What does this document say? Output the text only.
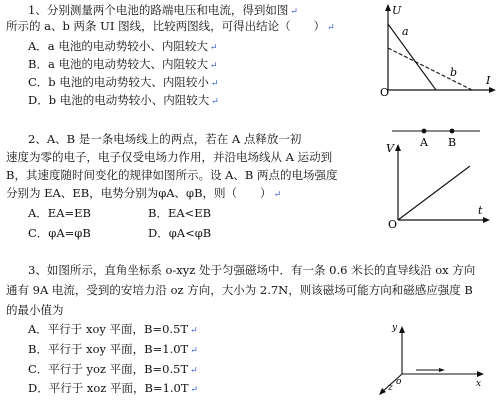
1、分别测量两个电池的路端电压和电流，得到如图 ↵
所示的 a、b 两条 UI 图线，比较两图线，可得出结论（　　） ↵
A．a 电池的电动势较小、内阻较大 ↵
B．a 电池的电动势较大、内阻较大 ↵
C．b 电池的电动势较大、内阻较小 ↵
D．b 电池的电动势较小、内阻较大 ↵
U
I
O
a
b
2、A、B 是一条电场线上的两点，若在 A 点释放一初
速度为零的电子，电子仅受电场力作用，并沿电场线从 A 运动到
B，其速度随时间变化的规律如图所示。设 A、B 两点的电场强度
分别为 EA、EB，电势分别为φA、φB，则（　　） ↵
A．EA=EB	B．EA<EB
C．φA=φB	D．φA<φB
A B
V
t
O
3、如图所示，直角坐标系 o-xyz 处于匀强磁场中．有一条 0.6 米长的直导线沿 ox 方向
通有 9A 电流，受到的安培力沿 oz 方向，大小为 2.7N，则该磁场可能方向和磁感应强度 B
的最小值为
A．平行于 xoy 平面，B=0.5T ↵
B．平行于 xoy 平面，B=1.0T ↵
C．平行于 yoz 平面，B=0.5T ↵
D．平行于 xoz 平面，B=1.0T ↵
y
x
z
o
